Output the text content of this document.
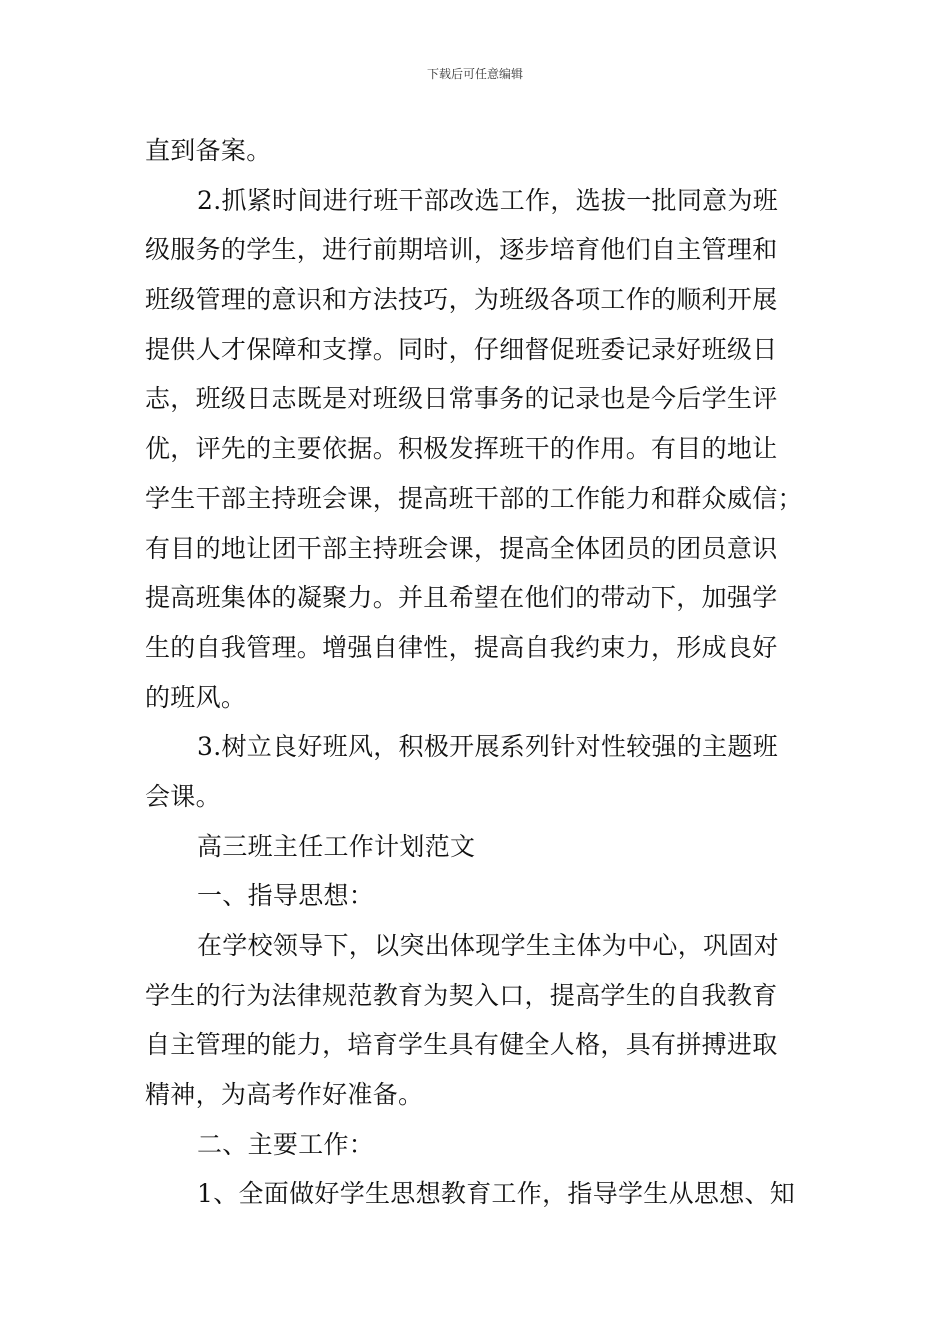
下载后可任意编辑
直到备案。
2.抓紧时间进行班干部改选工作，选拔一批同意为班
级服务的学生，进行前期培训，逐步培育他们自主管理和
班级管理的意识和方法技巧，为班级各项工作的顺利开展
提供人才保障和支撑。同时，仔细督促班委记录好班级日
志，班级日志既是对班级日常事务的记录也是今后学生评
优，评先的主要依据。积极发挥班干的作用。有目的地让
学生干部主持班会课，提高班干部的工作能力和群众威信；
有目的地让团干部主持班会课，提高全体团员的团员意识
提高班集体的凝聚力。并且希望在他们的带动下，加强学
生的自我管理。增强自律性，提高自我约束力，形成良好
的班风。
3.树立良好班风，积极开展系列针对性较强的主题班
会课。
高三班主任工作计划范文
一、指导思想：
在学校领导下，以突出体现学生主体为中心，巩固对
学生的行为法律规范教育为契入口，提高学生的自我教育
自主管理的能力，培育学生具有健全人格，具有拼搏进取
精神，为高考作好准备。
二、主要工作：
1、全面做好学生思想教育工作，指导学生从思想、知
